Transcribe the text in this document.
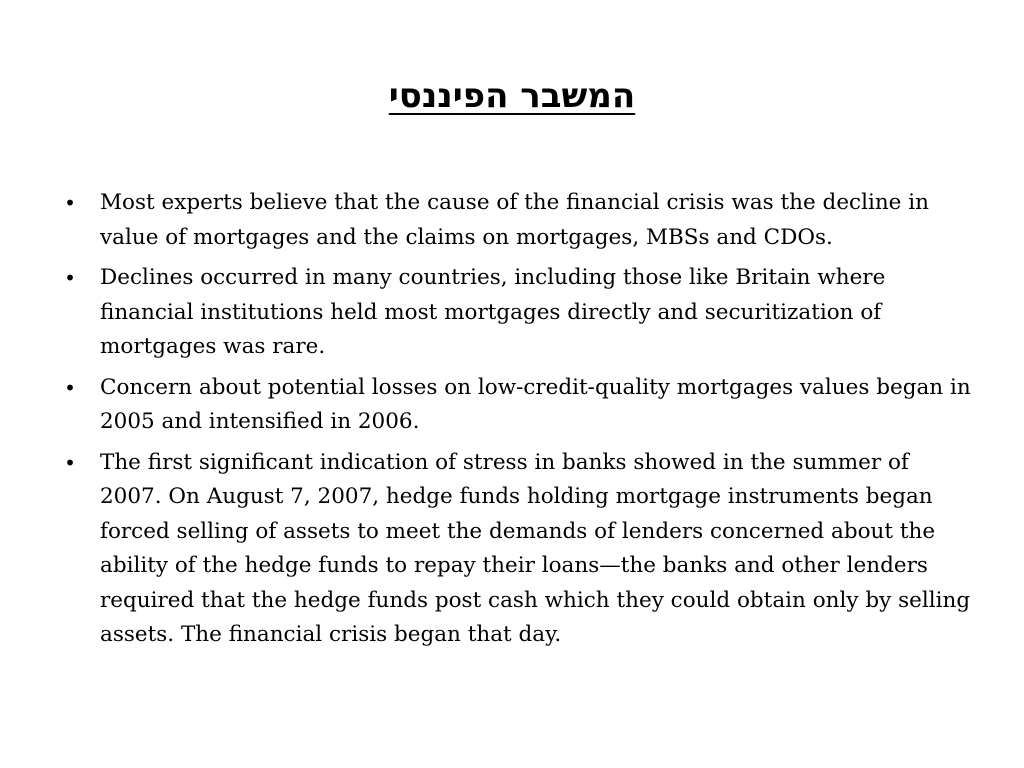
המשבר הפיננסי
• Most experts believe that the cause of the financial crisis was the decline in value of mortgages and the claims on mortgages, MBSs and CDOs.
• Declines occurred in many countries, including those like Britain where financial institutions held most mortgages directly and securitization of mortgages was rare.
• Concern about potential losses on low-credit-quality mortgages values began in 2005 and intensified in 2006.
• The first significant indication of stress in banks showed in the summer of 2007. On August 7, 2007, hedge funds holding mortgage instruments began forced selling of assets to meet the demands of lenders concerned about the ability of the hedge funds to repay their loans—the banks and other lenders required that the hedge funds post cash which they could obtain only by selling assets. The financial crisis began that day.
